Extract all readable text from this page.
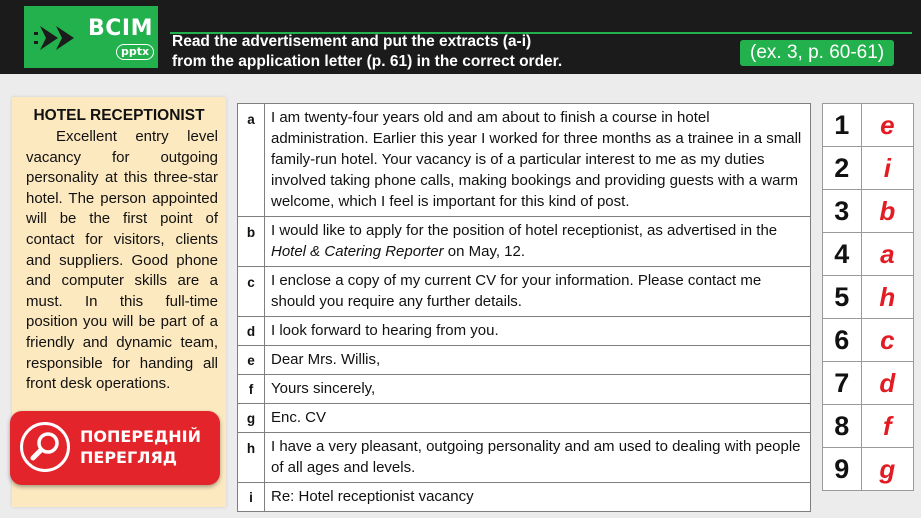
BCIM
pptx
Read the advertisement and put the extracts (a-i)
from the application letter (p. 61) in the correct order.	(ex. 3, p. 60-61)
HOTEL RECEPTIONIST
Excellent entry level vacancy for outgoing personality at this three-star hotel. The person appointed will be the first point of contact for visitors, clients and suppliers. Good phone and computer skills are a must. In this full-time position you will be part of a friendly and dynamic team, responsible for handing all front desk operations.
a	I am twenty-four years old and am about to finish a course in hotel administration. Earlier this year I worked for three months as a trainee in a small family-run hotel. Your vacancy is of a particular interest to me as my duties involved taking phone calls, making bookings and providing guests with a warm welcome, which I feel is important for this kind of post.
b	I would like to apply for the position of hotel receptionist, as advertised in the Hotel & Catering Reporter on May, 12.
c	I enclose a copy of my current CV for your information. Please contact me should you require any further details.
d	I look forward to hearing from you.
e	Dear Mrs. Willis,
f	Yours sincerely,
g	Enc. CV
h	I have a very pleasant, outgoing personality and am used to dealing with people of all ages and levels.
i	Re: Hotel receptionist vacancy
1	e
2	i
3	b
4	a
5	h
6	c
7	d
8	f
9	g
ПОПЕРЕДНІЙ
ПЕРЕГЛЯД
